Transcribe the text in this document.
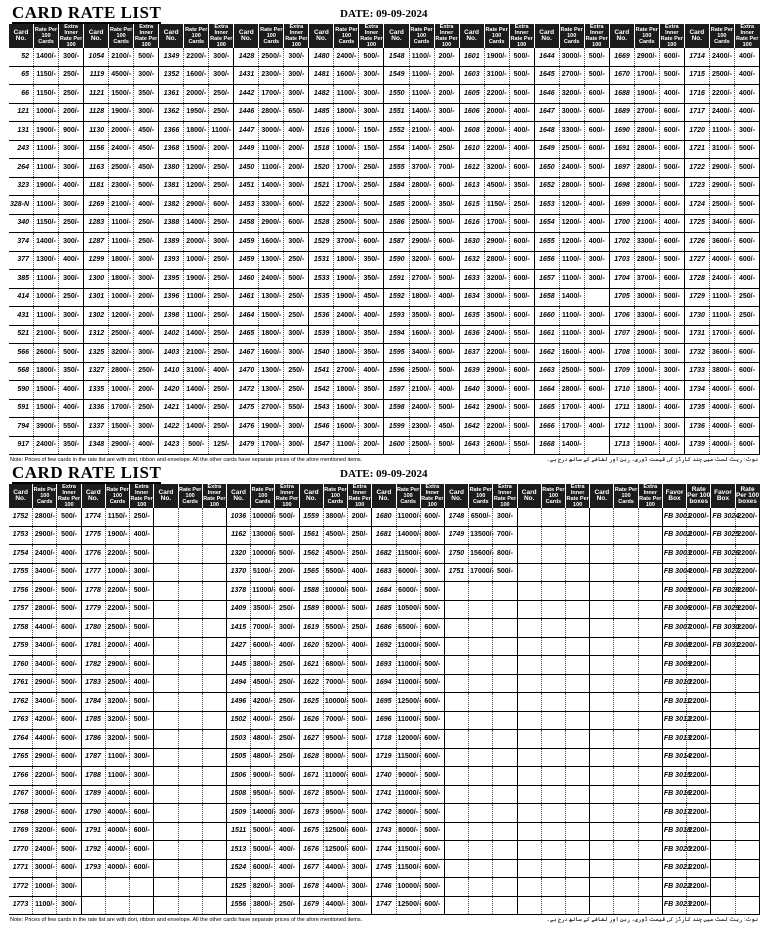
CARD RATE LIST	DATE: 09-09-2024
Card No.	Rate Per 100 Cards	Extra Inner Rate Per 100	Card No.	Rate Per 100 Cards	Extra Inner Rate Per 100	Card No.	Rate Per 100 Cards	Extra Inner Rate Per 100	Card No.	Rate Per 100 Cards	Extra Inner Rate Per 100	Card No.	Rate Per 100 Cards	Extra Inner Rate Per 100	Card No.	Rate Per 100 Cards	Extra Inner Rate Per 100	Card No.	Rate Per 100 Cards	Extra Inner Rate Per 100	Card No.	Rate Per 100 Cards	Extra Inner Rate Per 100	Card No.	Rate Per 100 Cards	Extra Inner Rate Per 100	Card No.	Rate Per 100 Cards	Extra Inner Rate Per 100
52	1400/-	300/-	1054	2100/-	500/-	1349	2200/-	300/-	1428	2500/-	300/-	1480	2400/-	500/-	1548	1100/-	200/-	1601	1900/-	500/-	1644	3000/-	500/-	1669	2900/-	600/-	1714	2400/-	400/-
65	1150/-	250/-	1119	4500/-	300/-	1352	1600/-	300/-	1431	2300/-	300/-	1481	1600/-	300/-	1549	1100/-	200/-	1603	3100/-	500/-	1645	2700/-	500/-	1670	1700/-	500/-	1715	2500/-	400/-
66	1150/-	250/-	1121	1500/-	350/-	1361	2000/-	250/-	1442	1700/-	300/-	1482	1100/-	300/-	1550	1100/-	200/-	1605	2200/-	500/-	1646	3200/-	600/-	1688	1900/-	400/-	1716	2200/-	400/-
121	1000/-	200/-	1128	1900/-	300/-	1362	1950/-	250/-	1446	2800/-	650/-	1485	1800/-	300/-	1551	1400/-	300/-	1606	2000/-	400/-	1647	3000/-	600/-	1689	2700/-	600/-	1717	2400/-	400/-
131	1900/-	900/-	1130	2000/-	450/-	1366	1800/-	1100/-	1447	3000/-	400/-	1516	1000/-	150/-	1552	2100/-	400/-	1608	2000/-	400/-	1648	3300/-	600/-	1690	2800/-	600/-	1720	1100/-	300/-
243	1100/-	300/-	1156	2400/-	450/-	1368	1500/-	200/-	1449	1100/-	200/-	1518	1000/-	150/-	1554	1400/-	250/-	1610	2200/-	400/-	1649	2500/-	600/-	1691	2800/-	600/-	1721	3100/-	500/-
264	1100/-	300/-	1163	2500/-	450/-	1380	1200/-	250/-	1450	1100/-	200/-	1520	1700/-	250/-	1555	3700/-	700/-	1612	3200/-	600/-	1650	2400/-	500/-	1697	2800/-	500/-	1722	2900/-	500/-
323	1900/-	400/-	1181	2300/-	500/-	1381	1200/-	250/-	1451	1400/-	300/-	1521	1700/-	250/-	1584	2800/-	600/-	1613	4500/-	350/-	1652	2800/-	500/-	1698	2800/-	500/-	1723	2900/-	500/-
328-N	1100/-	300/-	1269	2100/-	400/-	1382	2900/-	600/-	1453	3300/-	600/-	1522	2300/-	500/-	1585	2000/-	350/-	1615	1150/-	250/-	1653	1200/-	400/-	1699	3000/-	600/-	1724	2500/-	500/-
340	1150/-	250/-	1283	1100/-	250/-	1388	1400/-	250/-	1458	2900/-	600/-	1528	2500/-	500/-	1586	2500/-	500/-	1616	1700/-	500/-	1654	1200/-	400/-	1700	2100/-	400/-	1725	3400/-	600/-
374	1400/-	300/-	1287	1100/-	250/-	1389	2000/-	300/-	1459	1600/-	300/-	1529	3700/-	600/-	1587	2900/-	600/-	1630	2900/-	600/-	1655	1200/-	400/-	1702	3300/-	600/-	1726	3600/-	600/-
377	1300/-	400/-	1299	1800/-	300/-	1393	1000/-	250/-	1459	1300/-	250/-	1531	1800/-	350/-	1590	3200/-	600/-	1632	2800/-	600/-	1656	1100/-	300/-	1703	2800/-	500/-	1727	4000/-	600/-
385	1100/-	300/-	1300	1800/-	300/-	1395	1900/-	250/-	1460	2400/-	500/-	1533	1900/-	350/-	1591	2700/-	500/-	1633	3200/-	600/-	1657	1100/-	300/-	1704	3700/-	600/-	1728	2400/-	400/-
414	1000/-	250/-	1301	1000/-	200/-	1396	1100/-	250/-	1461	1300/-	250/-	1535	1900/-	450/-	1592	1800/-	400/-	1634	3000/-	500/-	1658	1400/-		1705	3000/-	500/-	1729	1100/-	250/-
431	1100/-	300/-	1302	1200/-	200/-	1398	1100/-	250/-	1464	1500/-	250/-	1536	2400/-	400/-	1593	3500/-	800/-	1635	3500/-	600/-	1660	1100/-	300/-	1706	3300/-	600/-	1730	1100/-	250/-
521	2100/-	500/-	1312	2500/-	400/-	1402	1400/-	250/-	1465	1800/-	300/-	1539	1800/-	350/-	1594	1600/-	300/-	1636	2400/-	550/-	1661	1100/-	300/-	1707	2900/-	500/-	1731	1700/-	600/-
566	2600/-	500/-	1325	3200/-	300/-	1403	2100/-	250/-	1467	1600/-	300/-	1540	1800/-	350/-	1595	3400/-	600/-	1637	2200/-	500/-	1662	1600/-	400/-	1708	1000/-	300/-	1732	3600/-	600/-
568	1800/-	350/-	1327	2800/-	250/-	1410	3100/-	400/-	1470	1300/-	250/-	1541	2700/-	400/-	1596	2500/-	500/-	1639	2900/-	600/-	1663	2500/-	500/-	1709	1000/-	300/-	1733	3800/-	600/-
590	1500/-	400/-	1335	1000/-	200/-	1420	1400/-	250/-	1472	1300/-	250/-	1542	1800/-	350/-	1597	2100/-	400/-	1640	3000/-	600/-	1664	2800/-	600/-	1710	1800/-	400/-	1734	4000/-	600/-
591	1500/-	400/-	1336	1700/-	250/-	1421	1400/-	250/-	1475	2700/-	550/-	1543	1600/-	300/-	1598	2400/-	500/-	1641	2900/-	500/-	1665	1700/-	400/-	1711	1800/-	400/-	1735	4000/-	600/-
794	3900/-	550/-	1337	1500/-	300/-	1422	1400/-	250/-	1476	1900/-	300/-	1546	1600/-	300/-	1599	2300/-	450/-	1642	2200/-	500/-	1666	1700/-	400/-	1712	1100/-	300/-	1736	4000/-	600/-
917	2400/-	350/-	1348	2900/-	400/-	1423	500/-	125/-	1479	1700/-	300/-	1547	1100/-	200/-	1600	2500/-	500/-	1643	2600/-	550/-	1668	1400/-		1713	1900/-	400/-	1739	4000/-	600/-
Note: Prices of few cards in the rate list are with dori, ribbon and envelope. All the other cards have separate prices of the afore mentioned items.	نوٹ: ریٹ لسٹ میں چند کارڈز کی قیمت ڈوری، ربن اور لفافے کے ساتھ درج ہے۔
CARD RATE LIST	DATE: 09-09-2024
Card No.	Rate Per 100 Cards	Extra Inner Rate Per 100	Card No.	Rate Per 100 Cards	Extra Inner Rate Per 100	Card No.	Rate Per 100 Cards	Extra Inner Rate Per 100	Card No.	Rate Per 100 Cards	Extra Inner Rate Per 100	Card No.	Rate Per 100 Cards	Extra Inner Rate Per 100	Card No.	Rate Per 100 Cards	Extra Inner Rate Per 100	Card No.	Rate Per 100 Cards	Extra Inner Rate Per 100	Card No.	Rate Per 100 Cards	Extra Inner Rate Per 100	Card No.	Rate Per 100 Cards	Extra Inner Rate Per 100	Favor Box	Rate Per 100 boxes	Favor Box	Rate Per 100 boxes
1752	2800/-	500/-	1774	1150/-	250/-				1036	10000/-	500/-	1559	3800/-	200/-	1680	11000/-	600/-	1748	6500/-	300/-							FB 3001	2000/-	FB 3024	2200/-
1753	2900/-	500/-	1775	1900/-	400/-				1162	13000/-	500/-	1561	4500/-	250/-	1681	14000/-	800/-	1749	13500/-	700/-							FB 3002	2000/-	FB 3025	2200/-
1754	2400/-	400/-	1776	2200/-	500/-				1320	10000/-	500/-	1562	4500/-	250/-	1682	11500/-	600/-	1750	15600/-	800/-							FB 3003	2000/-	FB 3026	2200/-
1755	3400/-	500/-	1777	1000/-	300/-				1370	5100/-	200/-	1565	5500/-	400/-	1683	6000/-	300/-	1751	17000/-	500/-							FB 3004	2000/-	FB 3027	2200/-
1756	2900/-	500/-	1778	2200/-	500/-				1378	11000/-	600/-	1588	10000/-	500/-	1684	6000/-	500/-										FB 3005	2000/-	FB 3028	2200/-
1757	2800/-	500/-	1779	2200/-	500/-				1409	3500/-	250/-	1589	8000/-	500/-	1685	10500/-	500/-										FB 3006	2000/-	FB 3029	2200/-
1758	4400/-	600/-	1780	2500/-	500/-				1415	7000/-	300/-	1619	5500/-	250/-	1686	6500/-	600/-										FB 3007	2000/-	FB 3030	2200/-
1759	3400/-	600/-	1781	2000/-	400/-				1427	6000/-	400/-	1620	5200/-	400/-	1692	11000/-	500/-										FB 3008	2200/-	FB 3031	2200/-
1760	3400/-	600/-	1782	2900/-	600/-				1445	3800/-	250/-	1621	6800/-	500/-	1693	11000/-	500/-										FB 3009	2200/-		
1761	2900/-	500/-	1783	2500/-	400/-				1494	4500/-	250/-	1622	7000/-	500/-	1694	11000/-	500/-										FB 3010	2200/-		
1762	3400/-	500/-	1784	3200/-	500/-				1496	4200/-	250/-	1625	10000/-	500/-	1695	12500/-	600/-										FB 3011	2200/-		
1763	4200/-	600/-	1785	3200/-	500/-				1502	4000/-	250/-	1626	7000/-	500/-	1696	11000/-	500/-										FB 3012	2200/-		
1764	4400/-	600/-	1786	3200/-	500/-				1503	4800/-	250/-	1627	9500/-	500/-	1718	12000/-	600/-										FB 3013	2200/-		
1765	2900/-	600/-	1787	1100/-	300/-				1505	4800/-	250/-	1628	8000/-	500/-	1719	11500/-	600/-										FB 3014	2200/-		
1766	2200/-	500/-	1788	1100/-	300/-				1506	9000/-	500/-	1671	11000/-	600/-	1740	9000/-	500/-										FB 3015	2200/-		
1767	3000/-	600/-	1789	4000/-	600/-				1508	9500/-	500/-	1672	8500/-	500/-	1741	11000/-	500/-										FB 3016	2200/-		
1768	2900/-	600/-	1790	4000/-	600/-				1509	14000/-	300/-	1673	9500/-	500/-	1742	8000/-	500/-										FB 3017	2200/-		
1769	3200/-	600/-	1791	4000/-	600/-				1511	5000/-	400/-	1675	12500/-	600/-	1743	8000/-	500/-										FB 3018	2200/-		
1770	2400/-	500/-	1792	4000/-	600/-				1513	5000/-	400/-	1676	12500/-	600/-	1744	11500/-	600/-										FB 3020	2200/-		
1771	3000/-	600/-	1793	4000/-	600/-				1524	6000/-	400/-	1677	4400/-	300/-	1745	11500/-	600/-										FB 3021	2200/-		
1772	1000/-	300/-							1525	8200/-	300/-	1678	4400/-	300/-	1746	10000/-	500/-										FB 3022	2200/-		
1773	1100/-	300/-							1556	3800/-	250/-	1679	4400/-	300/-	1747	12500/-	600/-										FB 3023	2200/-		
Note: Prices of few cards in the rate list are with dori, ribbon and envelope. All the other cards have separate prices of the afore mentioned items.	نوٹ: ریٹ لسٹ میں چند کارڈز کی قیمت ڈوری، ربن اور لفافے کے ساتھ درج ہے۔
